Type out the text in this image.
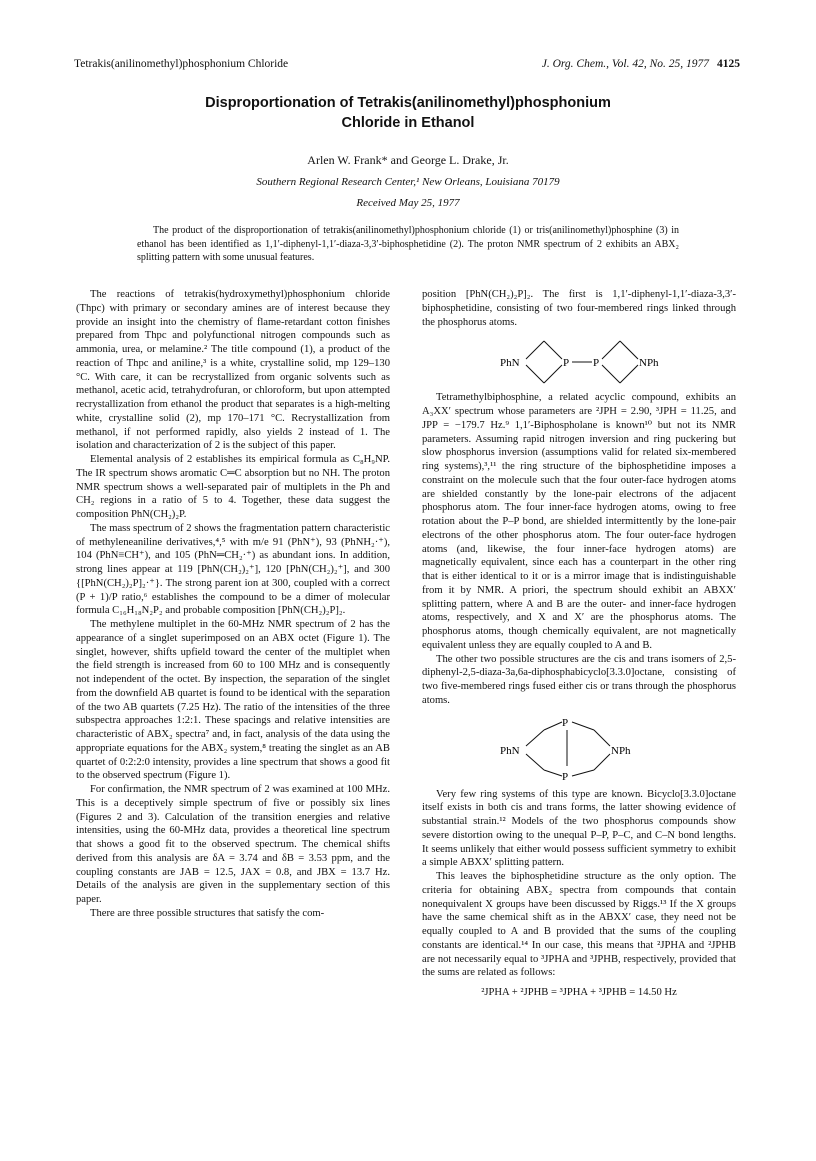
Tetrakis(anilinomethyl)phosphonium Chloride	J. Org. Chem., Vol. 42, No. 25, 1977 4125
Disproportionation of Tetrakis(anilinomethyl)phosphonium
Chloride in Ethanol
Arlen W. Frank* and George L. Drake, Jr.
Southern Regional Research Center,¹ New Orleans, Louisiana 70179
Received May 25, 1977
The product of the disproportionation of tetrakis(anilinomethyl)phosphonium chloride (1) or tris(anilinomethyl)phosphine (3) in ethanol has been identified as 1,1′-diphenyl-1,1′-diaza-3,3′-biphosphetidine (2). The proton NMR spectrum of 2 exhibits an ABX₂ splitting pattern with some unusual features.

The reactions of tetrakis(hydroxymethyl)phosphonium chloride (Thpc) with primary or secondary amines are of interest because they provide an insight into the chemistry of flame-retardant cotton finishes prepared from Thpc and polyfunctional nitrogen compounds such as ammonia, urea, or melamine.² The title compound (1), a product of the reaction of Thpc and aniline,³ is a white, crystalline solid, mp 129–130 °C. With care, it can be recrystallized from organic solvents such as methanol, acetic acid, tetrahydrofuran, or chloroform, but upon attempted recrystallization from ethanol the product that separates is a high-melting white, crystalline solid (2), mp 170–171 °C. Recrystallization from methanol, if not performed rapidly, also yields 2 instead of 1. The isolation and characterization of 2 is the subject of this paper.

Elemental analysis of 2 establishes its empirical formula as C₈H₉NP. The IR spectrum shows aromatic C═C absorption but no NH. The proton NMR spectrum shows a well-separated pair of multiplets in the Ph and CH₂ regions in a ratio of 5 to 4. Together, these data suggest the composition PhN(CH₂)₂P.

The mass spectrum of 2 shows the fragmentation pattern characteristic of methyleneaniline derivatives,⁴,⁵ with m/e 91 (PhN⁺), 93 (PhNH₂·⁺), 104 (PhN≡CH⁺), and 105 (PhN═CH₂·⁺) as abundant ions. In addition, strong lines appear at 119 [PhN(CH₂)₂⁺], 120 [PhN(CH₂)₂⁺], and 300 {[PhN(CH₂)₂P]₂·⁺}. The strong parent ion at 300, coupled with a correct (P + 1)/P ratio,⁶ establishes the compound to be a dimer of molecular formula C₁₆H₁₈N₂P₂ and probable composition [PhN(CH₂)₂P]₂.

The methylene multiplet in the 60-MHz NMR spectrum of 2 has the appearance of a singlet superimposed on an ABX octet (Figure 1). The singlet, however, shifts upfield toward the center of the multiplet when the field strength is increased from 60 to 100 MHz and is consequently not independent of the octet. By inspection, the separation of the singlet from the downfield AB quartet is found to be identical with the separation of the two AB quartets (7.25 Hz). The ratio of the intensities of the three subspectra approaches 1:2:1. These spacings and relative intensities are characteristic of ABX₂ spectra⁷ and, in fact, analysis of the data using the appropriate equations for the ABX₂ system,⁸ treating the singlet as an AB quartet of 0:2:2:0 intensity, provides a line spectrum that shows a good fit to the observed spectrum (Figure 1).

For confirmation, the NMR spectrum of 2 was examined at 100 MHz. This is a deceptively simple spectrum of five or possibly six lines (Figures 2 and 3). Calculation of the transition energies and relative intensities, using the 60-MHz data, provides a theoretical line spectrum that shows a good fit to the observed spectrum. The chemical shifts derived from this analysis are δA = 3.74 and δB = 3.53 ppm, and the coupling constants are JAB = 12.5, JAX = 0.8, and JBX = 13.7 Hz. Details of the analysis are given in the supplementary section of this paper.

There are three possible structures that satisfy the com-

position [PhN(CH₂)₂P]₂. The first is 1,1′-diphenyl-1,1′-diaza-3,3′-biphosphetidine, consisting of two four-membered rings linked through the phosphorus atoms.

PhN	P P	NPh

Tetramethylbiphosphine, a related acyclic compound, exhibits an A₃XX′ spectrum whose parameters are ²JPH = 2.90, ³JPH = 11.25, and JPP = −179.7 Hz.⁹ 1,1′-Biphospholane is known¹⁰ but not its NMR parameters. Assuming rapid nitrogen inversion and ring puckering but slow phosphorus inversion (assumptions valid for related six-membered ring systems),³,¹¹ the ring structure of the biphosphetidine imposes a constraint on the molecule such that the four outer-face hydrogen atoms are shielded constantly by the lone-pair electrons of the adjacent phosphorus atom. The four inner-face hydrogen atoms, owing to free rotation about the P–P bond, are shielded intermittently by the lone-pair electrons of the other phosphorus atom. The four outer-face hydrogen atoms (and, likewise, the four inner-face hydrogen atoms) are magnetically equivalent, since each has a counterpart in the other ring that is either identical to it or is a mirror image that is indistinguishable from it by NMR. A priori, the spectrum should exhibit an ABXX′ splitting pattern, where A and B are the outer- and inner-face hydrogen atoms, respectively, and X and X′ are the phosphorus atoms. The phosphorus atoms, though chemically equivalent, are not magnetically equivalent unless they are equally coupled to A and B.

The other two possible structures are the cis and trans isomers of 2,5-diphenyl-2,5-diaza-3a,6a-diphosphabicyclo[3.3.0]octane, consisting of two five-membered rings fused either cis or trans through the phosphorus atoms.

PhN
P
P
NPh

Very few ring systems of this type are known. Bicyclo[3.3.0]octane itself exists in both cis and trans forms, the latter showing evidence of substantial strain.¹² Models of the two phosphorus compounds show severe distortion owing to the unequal P–P, P–C, and C–N bond lengths. It seems unlikely that either would possess sufficient symmetry to exhibit a simple ABXX′ splitting pattern.

This leaves the biphosphetidine structure as the only option. The criteria for obtaining ABX₂ spectra from compounds that contain nonequivalent X groups have been discussed by Riggs.¹³ If the X groups have the same chemical shift as in the ABXX′ case, they need not be equally coupled to A and B provided that the sums of the coupling constants are identical.¹⁴ In our case, this means that ²JPHA and ²JPHB are not necessarily equal to ³JPHA and ³JPHB, respectively, provided that the sums are related as follows:

²JPHA + ²JPHB = ³JPHA + ³JPHB = 14.50 Hz
